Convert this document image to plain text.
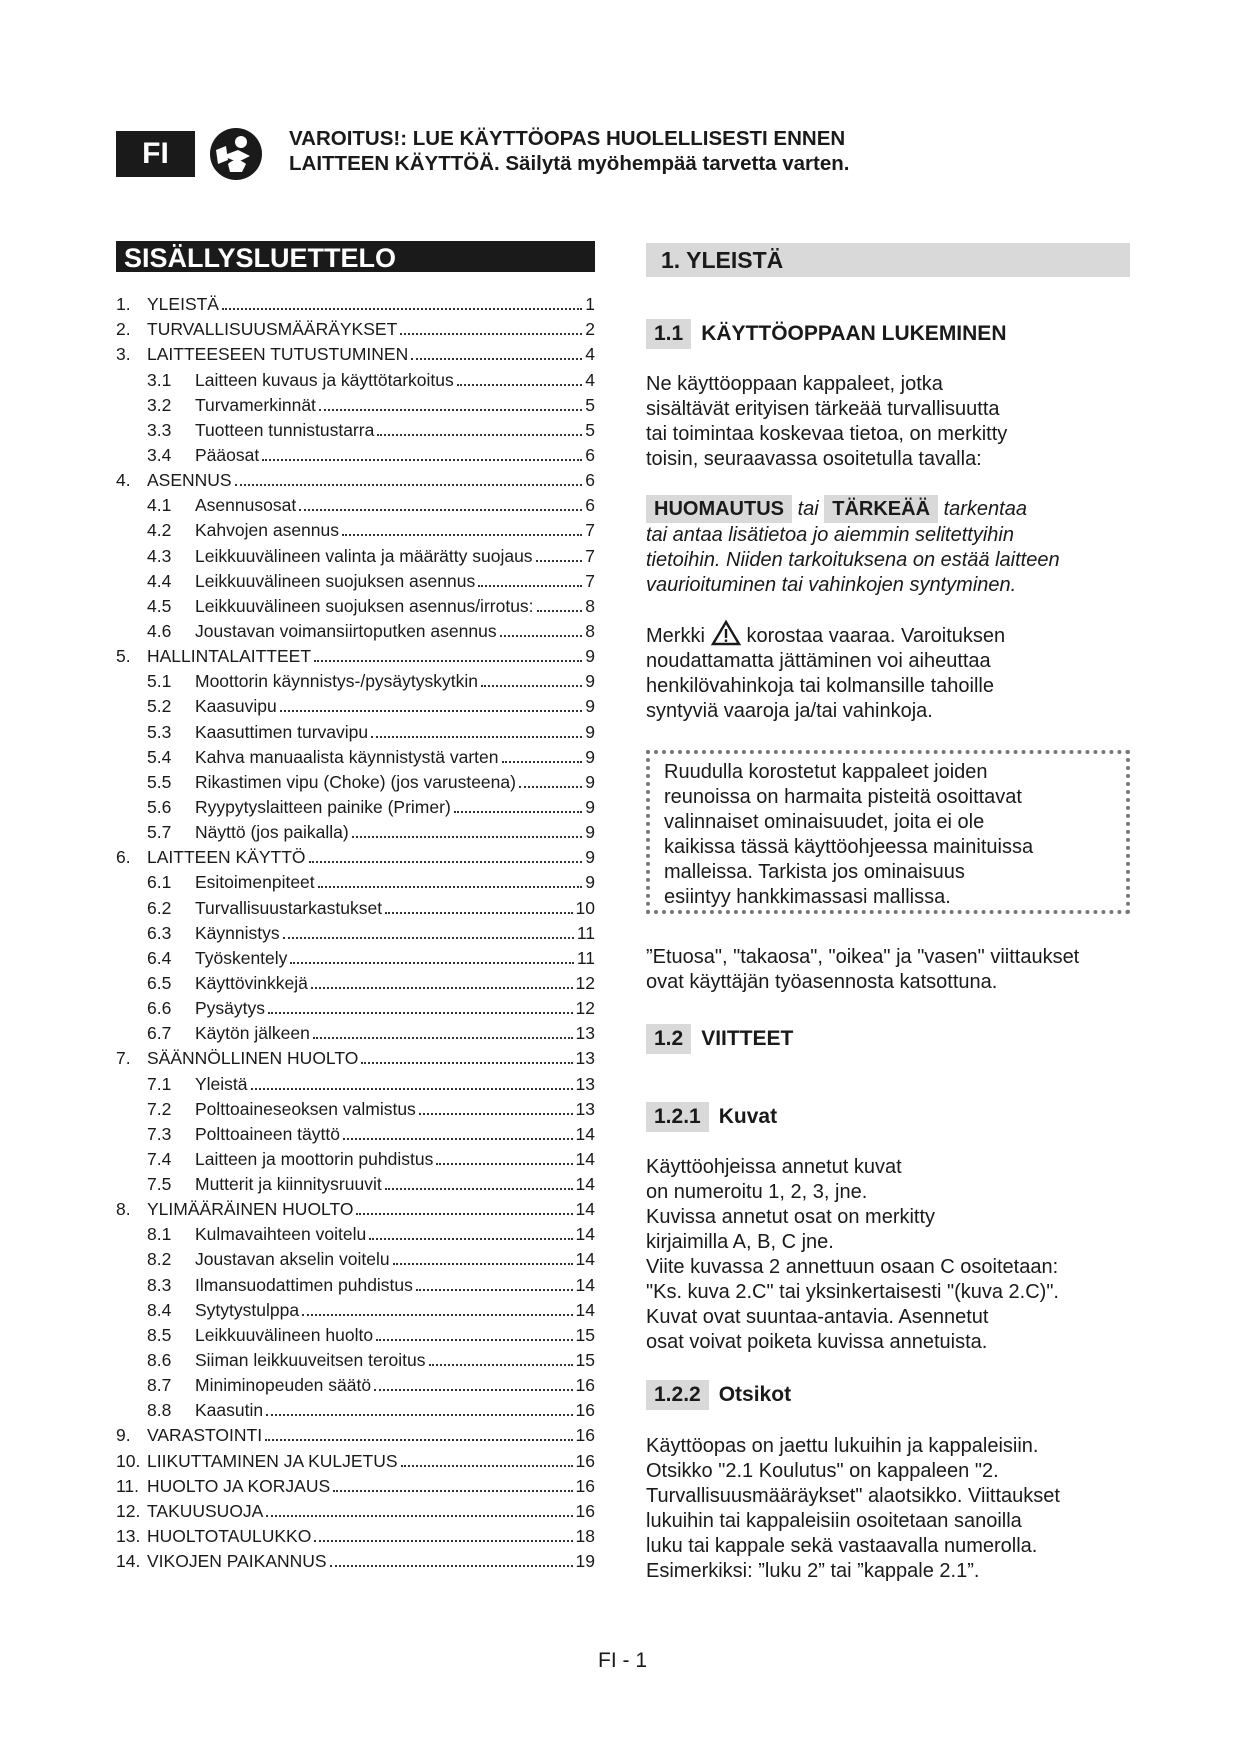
FI	VAROITUS!: LUE KÄYTTÖOPAS HUOLELLISESTI ENNEN
LAITTEEN KÄYTTÖÄ. Säilytä myöhempää tarvetta varten.
SISÄLLYSLUETTELO
1. YLEISTÄ	1
2. TURVALLISUUSMÄÄRÄYKSET	2
3. LAITTEESEEN TUTUSTUMINEN	4
3.1	Laitteen kuvaus ja käyttötarkoitus	4
3.2	Turvamerkinnät	5
3.3	Tuotteen tunnistustarra	5
3.4	Pääosat	6
4. ASENNUS	6
4.1	Asennusosat	6
4.2	Kahvojen asennus	7
4.3	Leikkuuvälineen valinta ja määrätty suojaus	7
4.4	Leikkuuvälineen suojuksen asennus	7
4.5	Leikkuuvälineen suojuksen asennus/irrotus:	8
4.6	Joustavan voimansiirtoputken asennus	8
5. HALLINTALAITTEET	9
5.1	Moottorin käynnistys-/pysäytyskytkin	9
5.2	Kaasuvipu	9
5.3	Kaasuttimen turvavipu	9
5.4	Kahva manuaalista käynnistystä varten	9
5.5	Rikastimen vipu (Choke) (jos varusteena)	9
5.6	Ryypytyslaitteen painike (Primer)	9
5.7	Näyttö (jos paikalla)	9
6. LAITTEEN KÄYTTÖ	9
6.1	Esitoimenpiteet	9
6.2	Turvallisuustarkastukset	10
6.3	Käynnistys	11
6.4	Työskentely	11
6.5	Käyttövinkkejä	12
6.6	Pysäytys	12
6.7	Käytön jälkeen	13
7. SÄÄNNÖLLINEN HUOLTO	13
7.1	Yleistä	13
7.2	Polttoaineseoksen valmistus	13
7.3	Polttoaineen täyttö	14
7.4	Laitteen ja moottorin puhdistus	14
7.5	Mutterit ja kiinnitysruuvit	14
8. YLIMÄÄRÄINEN HUOLTO	14
8.1	Kulmavaihteen voitelu	14
8.2	Joustavan akselin voitelu	14
8.3	Ilmansuodattimen puhdistus	14
8.4	Sytytystulppa	14
8.5	Leikkuuvälineen huolto	15
8.6	Siiman leikkuuveitsen teroitus	15
8.7	Miniminopeuden säätö	16
8.8	Kaasutin	16
9. VARASTOINTI	16
10. LIIKUTTAMINEN JA KULJETUS	16
11. HUOLTO JA KORJAUS	16
12. TAKUUSUOJA	16
13. HUOLTOTAULUKKO	18
14. VIKOJEN PAIKANNUS	19
1. YLEISTÄ
1.1 KÄYTTÖOPPAAN LUKEMINEN
Ne käyttöoppaan kappaleet, jotka
sisältävät erityisen tärkeää turvallisuutta
tai toimintaa koskevaa tietoa, on merkitty
toisin, seuraavassa osoitetulla tavalla:
HUOMAUTUS tai TÄRKEÄÄ tarkentaa
tai antaa lisätietoa jo aiemmin selitettyihin
tietoihin. Niiden tarkoituksena on estää laitteen
vaurioituminen tai vahinkojen syntyminen.
Merkki korostaa vaaraa. Varoituksen
noudattamatta jättäminen voi aiheuttaa
henkilövahinkoja tai kolmansille tahoille
syntyviä vaaroja ja/tai vahinkoja.
Ruudulla korostetut kappaleet joiden
reunoissa on harmaita pisteitä osoittavat
valinnaiset ominaisuudet, joita ei ole
kaikissa tässä käyttöohjeessa mainituissa
malleissa. Tarkista jos ominaisuus
esiintyy hankkimassasi mallissa.
”Etuosa", "takaosa", "oikea" ja "vasen" viittaukset
ovat käyttäjän työasennosta katsottuna.
1.2 VIITTEET
1.2.1 Kuvat
Käyttöohjeissa annetut kuvat
on numeroitu 1, 2, 3, jne.
Kuvissa annetut osat on merkitty
kirjaimilla A, B, C jne.
Viite kuvassa 2 annettuun osaan C osoitetaan:
"Ks. kuva 2.C" tai yksinkertaisesti "(kuva 2.C)".
Kuvat ovat suuntaa-antavia. Asennetut
osat voivat poiketa kuvissa annetuista.
1.2.2 Otsikot
Käyttöopas on jaettu lukuihin ja kappaleisiin.
Otsikko "2.1 Koulutus" on kappaleen "2.
Turvallisuusmääräykset" alaotsikko. Viittaukset
lukuihin tai kappaleisiin osoitetaan sanoilla
luku tai kappale sekä vastaavalla numerolla.
Esimerkiksi: ”luku 2” tai ”kappale 2.1”.
FI - 1
